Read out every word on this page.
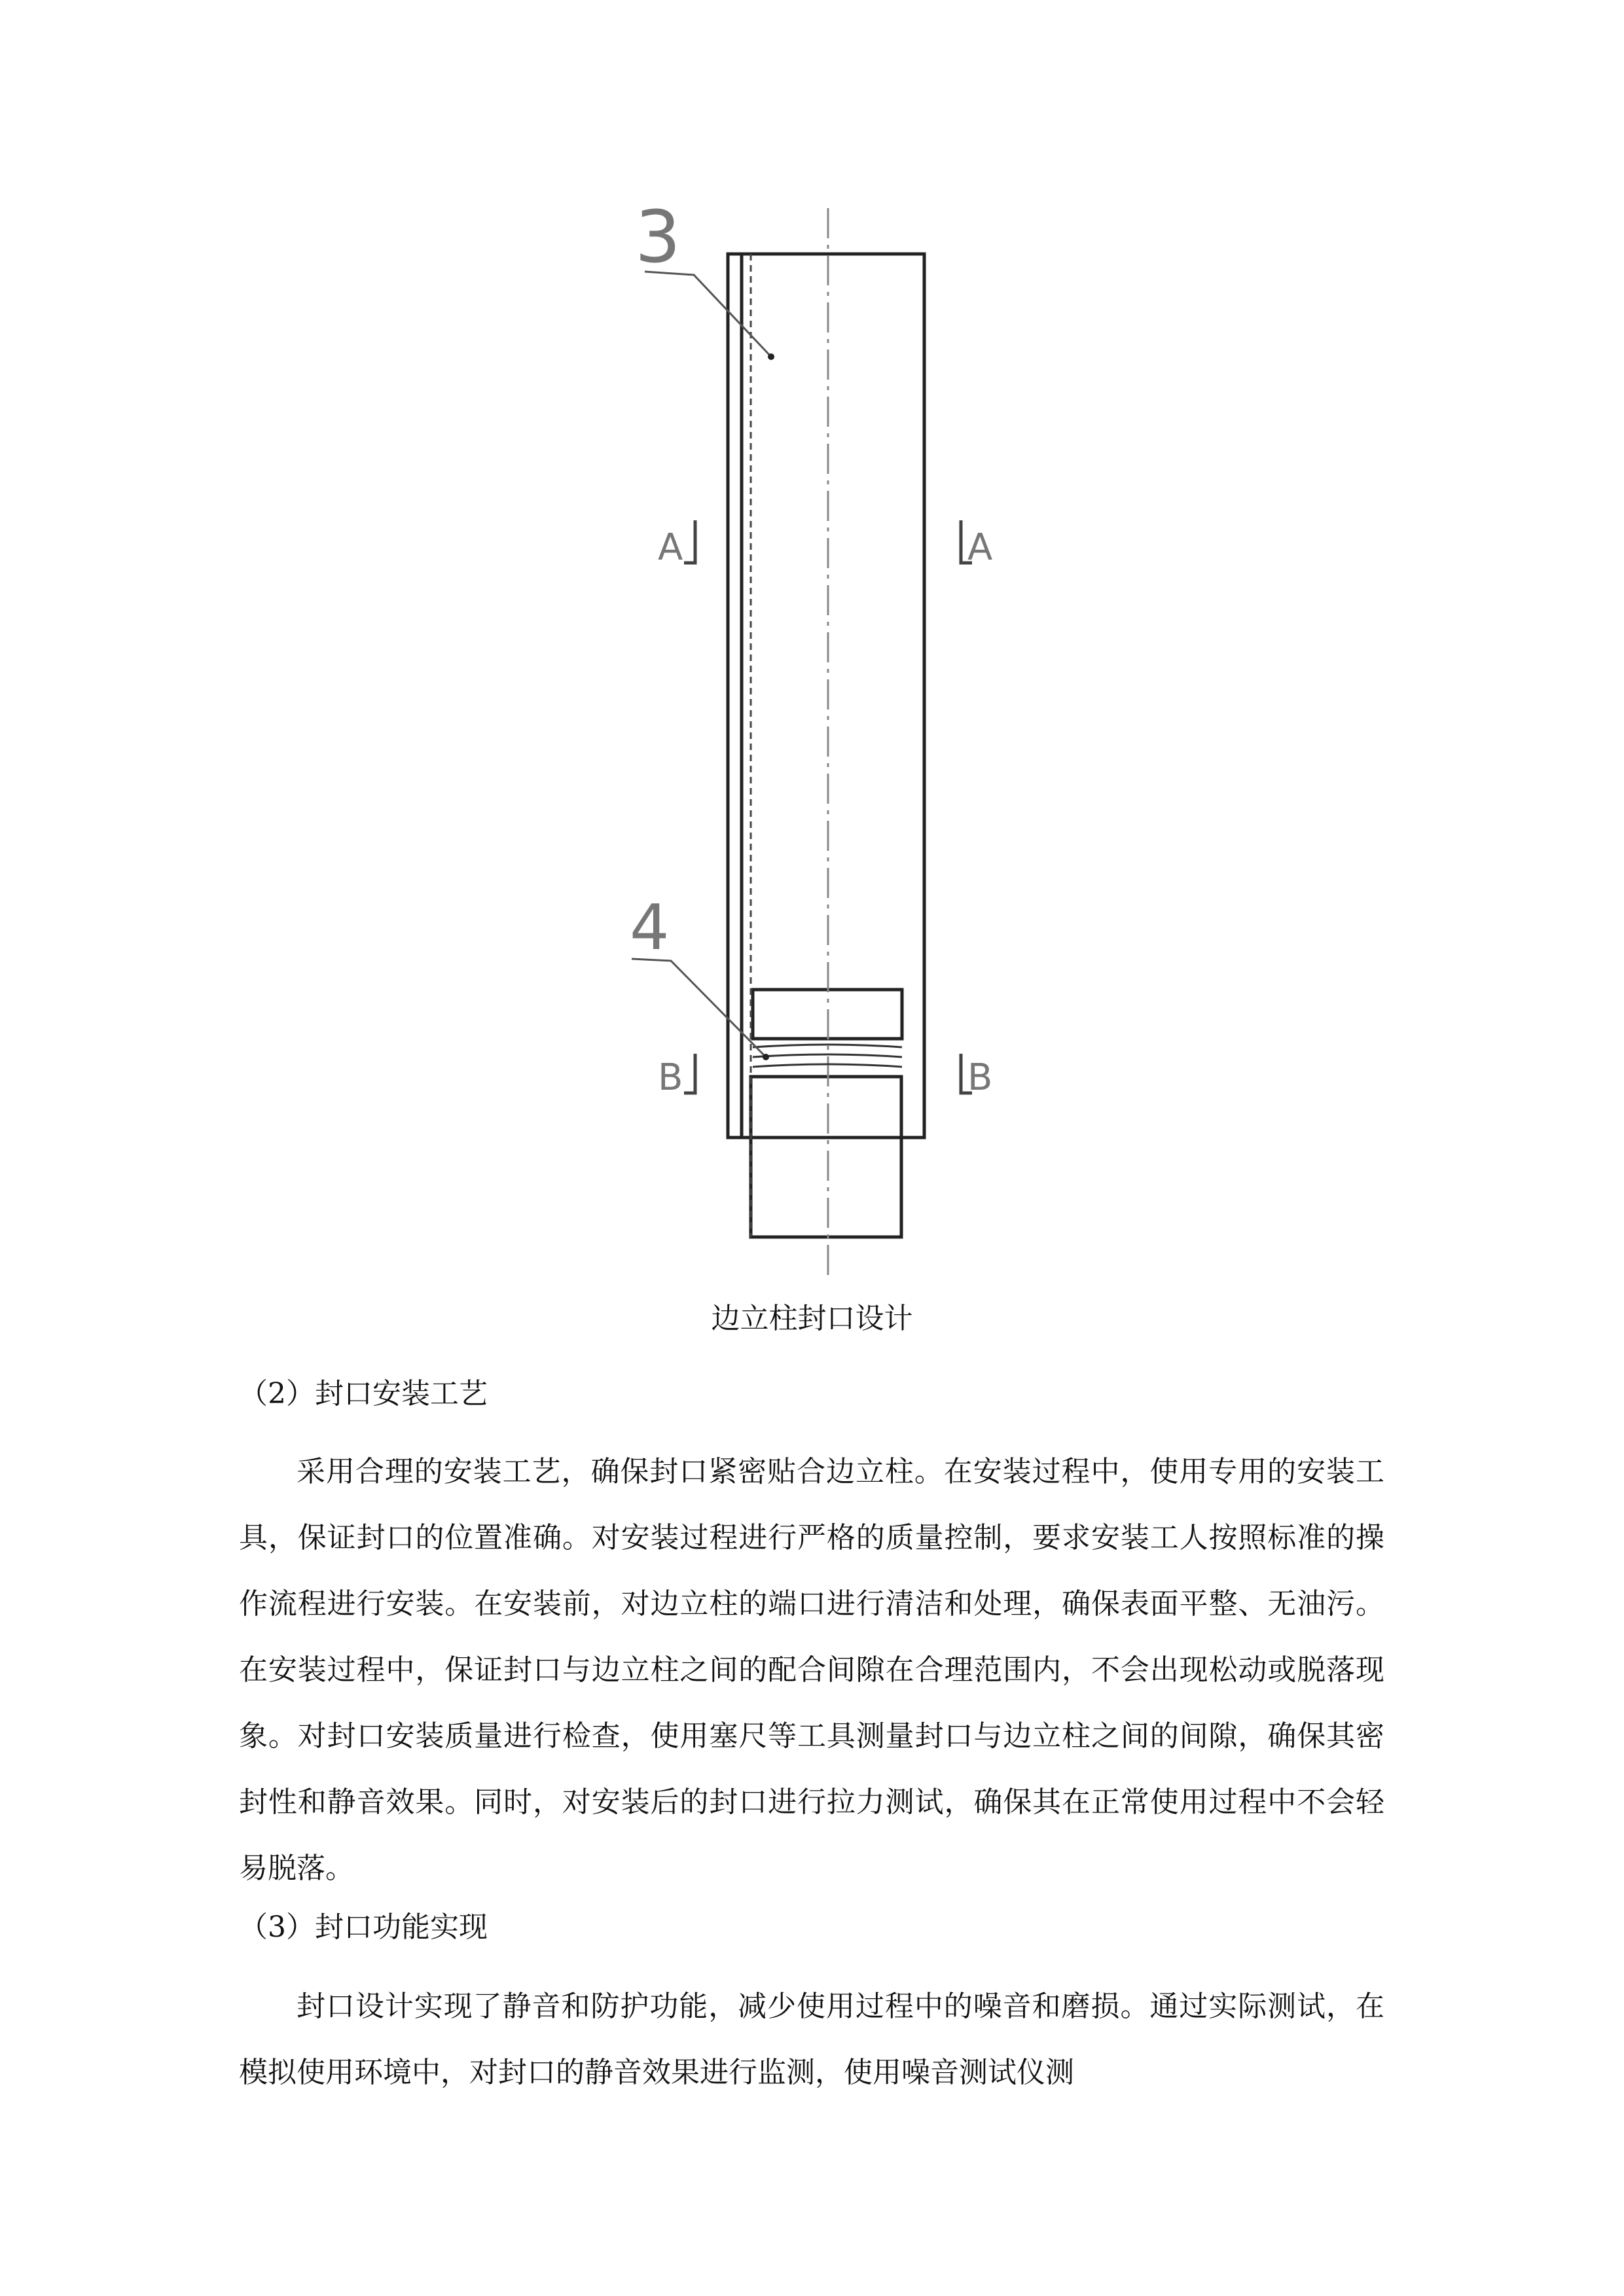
3
4
A	A
B	B
边立柱封口设计
（2）封口安装工艺
采用合理的安装工艺，确保封口紧密贴合边立柱。在安装过程中，使用专用的安装工具，保证封口的位置准确。对安装过程进行严格的质量控制，要求安装工人按照标准的操作流程进行安装。在安装前，对边立柱的端口进行清洁和处理，确保表面平整、无油污。在安装过程中，保证封口与边立柱之间的配合间隙在合理范围内，不会出现松动或脱落现象。对封口安装质量进行检查，使用塞尺等工具测量封口与边立柱之间的间隙，确保其密封性和静音效果。同时，对安装后的封口进行拉力测试，确保其在正常使用过程中不会轻易脱落。
（3）封口功能实现
封口设计实现了静音和防护功能，减少使用过程中的噪音和磨损。通过实际测试，在模拟使用环境中，对封口的静音效果进行监测，使用噪音测试仪测
